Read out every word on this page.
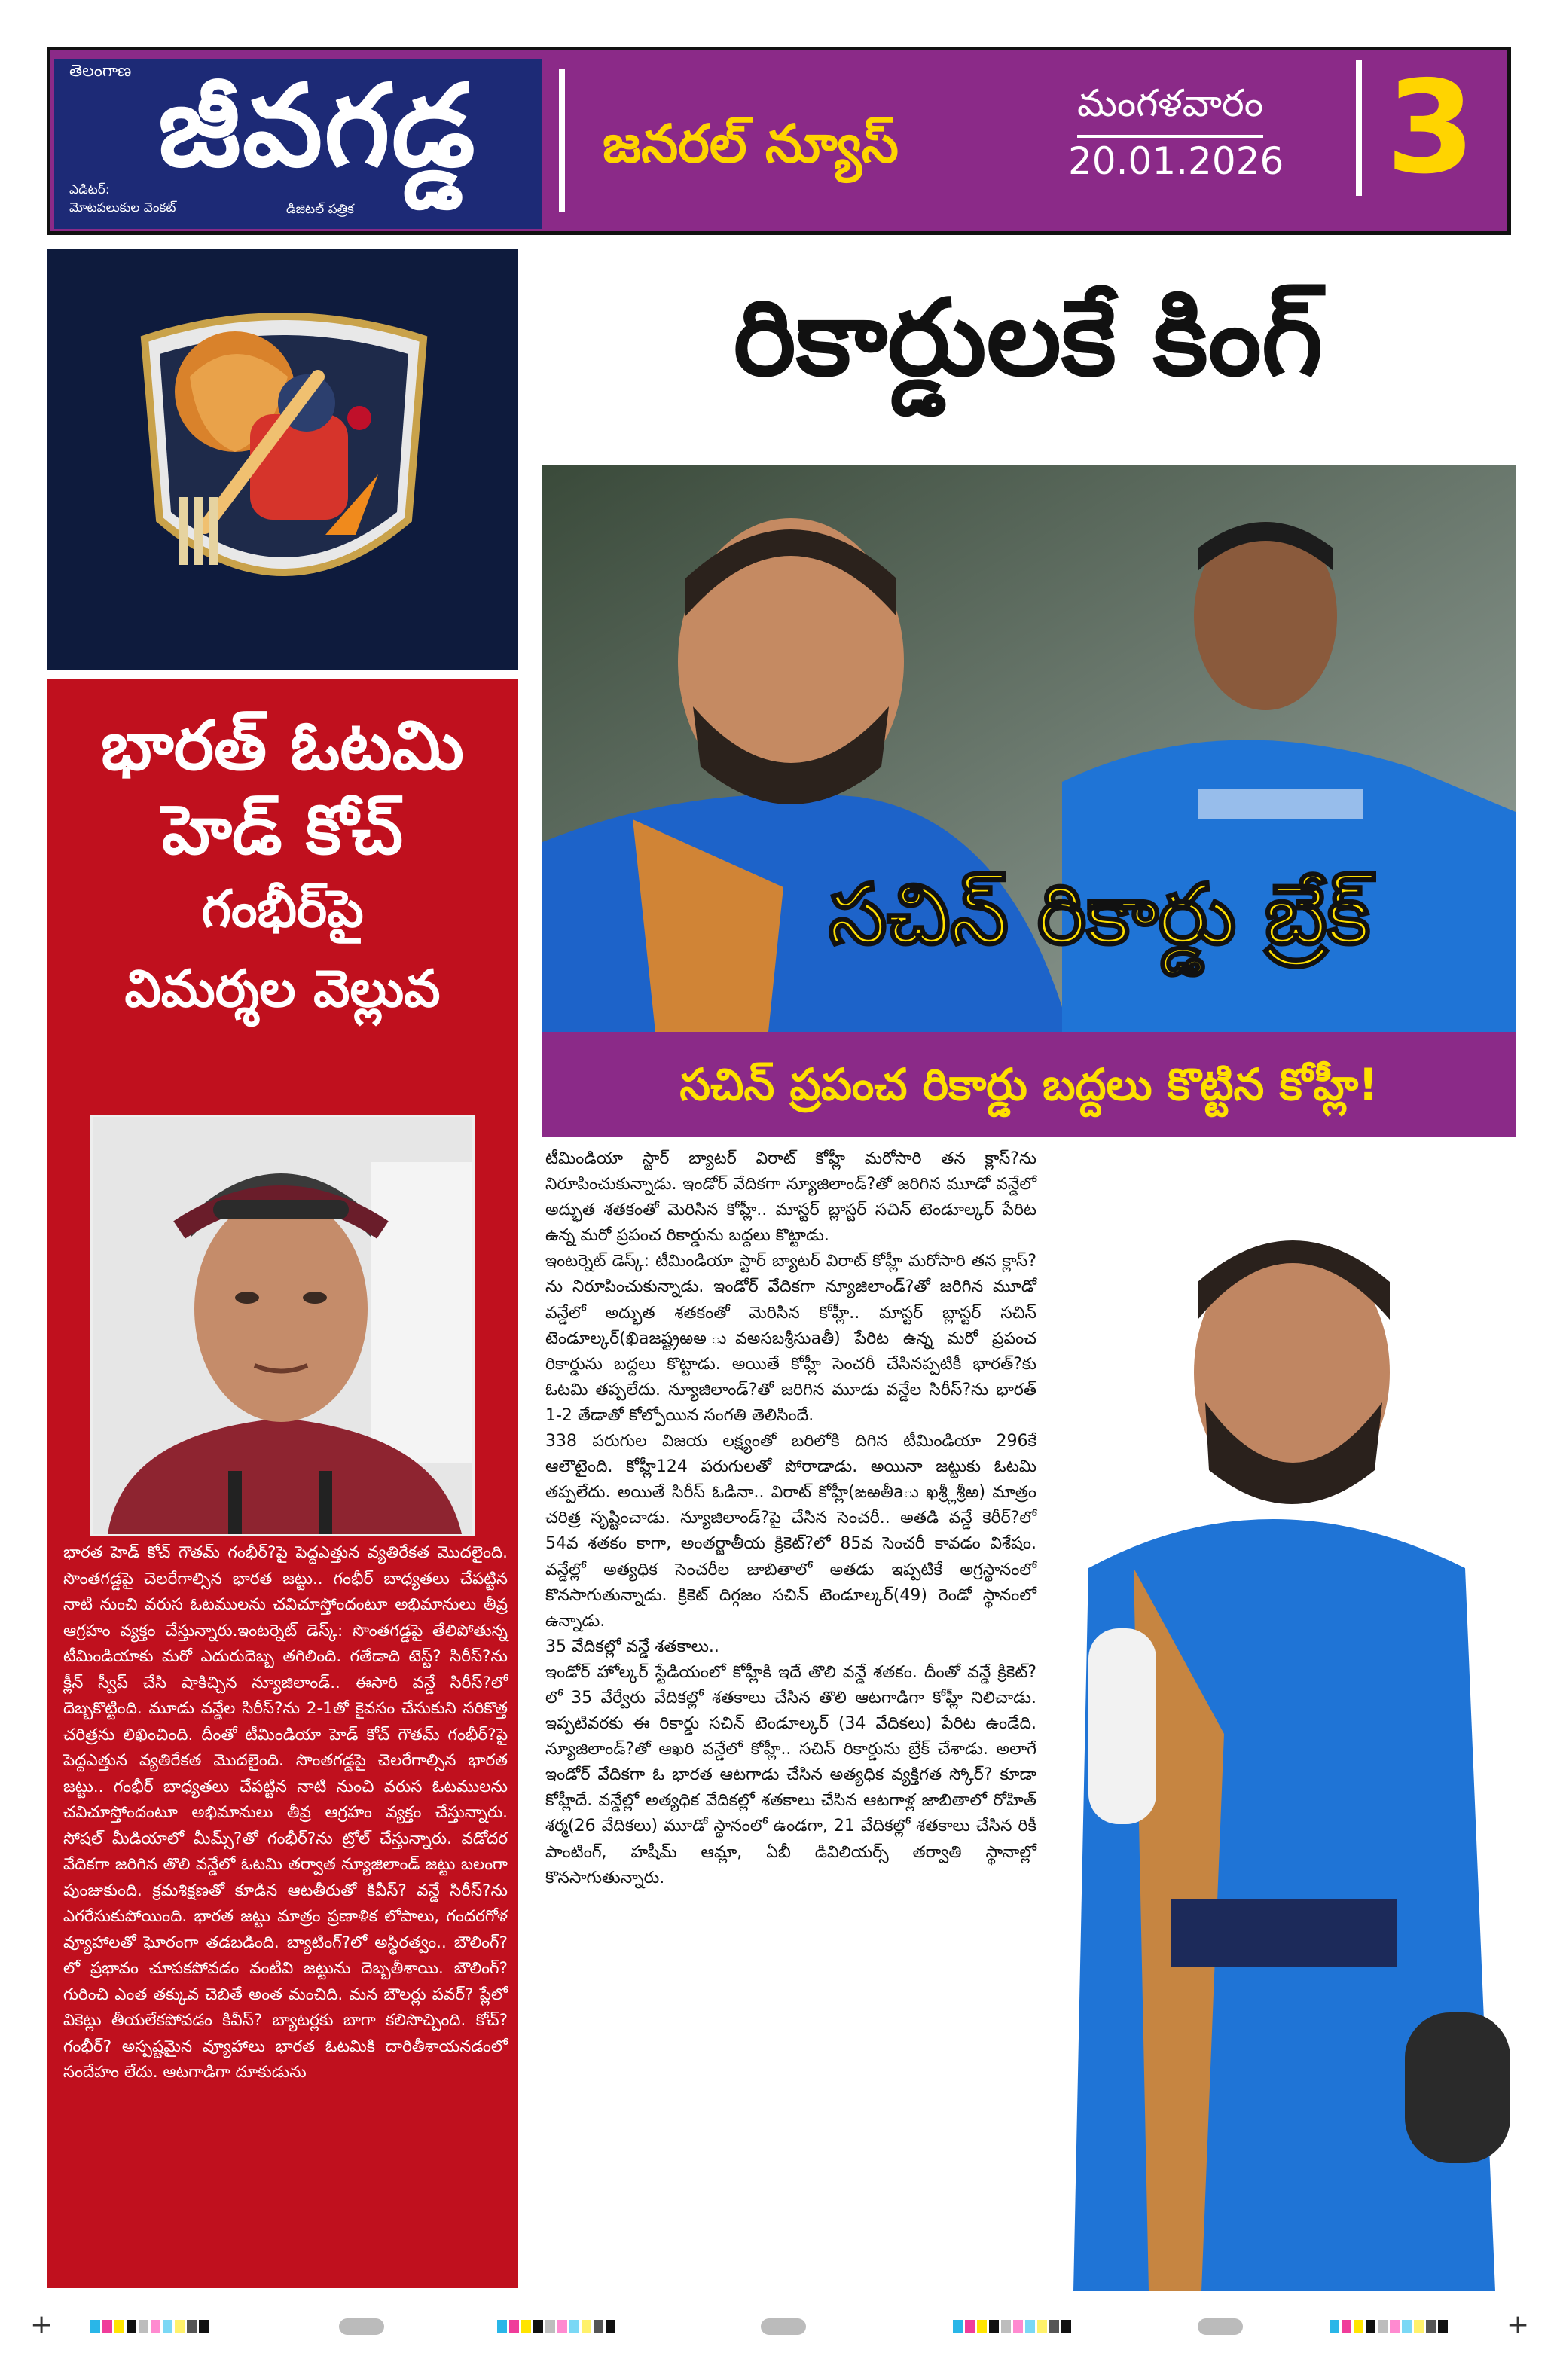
తెలంగాణ జీవగడ్డ
ఎడిటర్:
మోటపలుకుల వెంకట్	డిజిటల్ పత్రిక
జనరల్ న్యూస్
మంగళవారం
20.01.2026 3
భారత్ ఓటమి
హెడ్ కోచ్
గంభీర్‌పై
విమర్శల వెల్లువ
భారత హెడ్ కోచ్ గౌతమ్ గంభీర్?పై పెద్దఎత్తున వ్యతిరేకత మొదలైంది. సొంతగడ్డపై చెలరేగాల్సిన భారత జట్టు.. గంభీర్ బాధ్యతలు చేపట్టిన నాటి నుంచి వరుస ఓటములను చవిచూస్తోందంటూ అభిమానులు తీవ్ర ఆగ్రహం వ్యక్తం చేస్తున్నారు.ఇంటర్నెట్ డెస్క్: సొంతగడ్డపై తేలిపోతున్న టీమిండియాకు మరో ఎదురుదెబ్బ తగిలింది. గతేడాది టెస్ట్? సిరీస్?ను క్లీన్ స్వీప్ చేసి షాకిచ్చిన న్యూజిలాండ్.. ఈసారి వన్డే సిరీస్?లో దెబ్బకొట్టింది. మూడు వన్డేల సిరీస్?ను 2-1తో కైవసం చేసుకుని సరికొత్త చరిత్రను లిఖించింది. దీంతో టీమిండియా హెడ్ కోచ్ గౌతమ్ గంభీర్?పై పెద్దఎత్తున వ్యతిరేకత మొదలైంది. సొంతగడ్డపై చెలరేగాల్సిన భారత జట్టు.. గంభీర్ బాధ్యతలు చేపట్టిన నాటి నుంచి వరుస ఓటములను చవిచూస్తోందంటూ అభిమానులు తీవ్ర ఆగ్రహం వ్యక్తం చేస్తున్నారు. సోషల్ మీడియాలో మీమ్స్?తో గంభీర్?ను ట్రోల్ చేస్తున్నారు. వడోదర వేదికగా జరిగిన తొలి వన్డేలో ఓటమి తర్వాత న్యూజిలాండ్ జట్టు బలంగా పుంజుకుంది. క్రమశిక్షణతో కూడిన ఆటతీరుతో కివీస్? వన్డే సిరీస్?ను ఎగరేసుకుపోయింది. భారత జట్టు మాత్రం ప్రణాళిక లోపాలు, గందరగోళ వ్యూహాలతో ఘోరంగా తడబడింది. బ్యాటింగ్?లో అస్థిరత్వం.. బౌలింగ్?లో ప్రభావం చూపకపోవడం వంటివి జట్టును దెబ్బతీశాయి. బౌలింగ్? గురించి ఎంత తక్కువ చెబితే అంత మంచిది. మన బౌలర్లు పవర్? ప్లేలో వికెట్లు తీయలేకపోవడం కివీస్? బ్యాటర్లకు బాగా కలిసొచ్చింది. కోచ్? గంభీర్? అస్పష్టమైన వ్యూహాలు భారత ఓటమికి దారితీశాయనడంలో సందేహం లేదు. ఆటగాడిగా దూకుడును
రికార్డులకే కింగ్
సచిన్ రికార్డు బ్రేక్
సచిన్ ప్రపంచ రికార్డు బద్దలు కొట్టిన కోహ్లీ!
టీమిండియా స్టార్ బ్యాటర్ విరాట్ కోహ్లీ మరోసారి తన క్లాస్?ను నిరూపించుకున్నాడు. ఇండోర్ వేదికగా న్యూజిలాండ్?తో జరిగిన మూడో వన్డేలో అద్భుత శతకంతో మెరిసిన కోహ్లీ.. మాస్టర్ బ్లాస్టర్ సచిన్ టెండూల్కర్ పేరిట ఉన్న మరో ప్రపంచ రికార్డును బద్దలు కొట్టాడు.
ఇంటర్నెట్ డెస్క్: టీమిండియా స్టార్ బ్యాటర్ విరాట్ కోహ్లీ మరోసారి తన క్లాస్?ను నిరూపించుకున్నాడు. ఇండోర్ వేదికగా న్యూజిలాండ్?తో జరిగిన మూడో వన్డేలో అద్భుత శతకంతో మెరిసిన కోహ్లీ.. మాస్టర్ బ్లాస్టర్ సచిన్ టెండూల్కర్(ఖిaజష్ట్రఱఅ ువఅసబశ్రీసుaతీ) పేరిట ఉన్న మరో ప్రపంచ రికార్డును బద్దలు కొట్టాడు. అయితే కోహ్లీ సెంచరీ చేసినప్పటికీ భారత్?కు ఓటమి తప్పలేదు. న్యూజిలాండ్?తో జరిగిన మూడు వన్డేల సిరీస్?ను భారత్ 1-2 తేడాతో కోల్పోయిన సంగతి తెలిసిందే.
338 పరుగుల విజయ లక్ష్యంతో బరిలోకి దిగిన టీమిండియా 296కే ఆలౌటైంది. కోహ్లీ124 పరుగులతో పోరాడాడు. అయినా జట్టుకు ఓటమి తప్పలేదు. అయితే సిరీస్ ఓడినా.. విరాట్ కోహ్లీ(ఙఱతీaు ఖశ్ర్లీశ్రీఱ) మాత్రం చరిత్ర సృష్టించాడు. న్యూజిలాండ్?పై చేసిన సెంచరీ.. అతడి వన్డే కెరీర్?లో 54వ శతకం కాగా, అంతర్జాతీయ క్రికెట్?లో 85వ సెంచరీ కావడం విశేషం. వన్డేల్లో అత్యధిక సెంచరీల జాబితాలో అతడు ఇప్పటికే అగ్రస్థానంలో కొనసాగుతున్నాడు. క్రికెట్ దిగ్గజం సచిన్ టెండూల్కర్(49) రెండో స్థానంలో ఉన్నాడు.
35 వేదికల్లో వన్డే శతకాలు..
ఇండోర్ హోల్కర్ స్టేడియంలో కోహ్లీకి ఇదే తొలి వన్డే శతకం. దీంతో వన్డే క్రికెట్?లో 35 వేర్వేరు వేదికల్లో శతకాలు చేసిన తొలి ఆటగాడిగా కోహ్లీ నిలిచాడు. ఇప్పటివరకు ఈ రికార్డు సచిన్ టెండూల్కర్ (34 వేదికలు) పేరిట ఉండేది. న్యూజిలాండ్?తో ఆఖరి వన్డేలో కోహ్లీ.. సచిన్ రికార్డును బ్రేక్ చేశాడు. అలాగే ఇండోర్ వేదికగా ఓ భారత ఆటగాడు చేసిన అత్యధిక వ్యక్తిగత స్కోర్? కూడా కోహ్లీదే. వన్డేల్లో అత్యధిక వేదికల్లో శతకాలు చేసిన ఆటగాళ్ల జాబితాలో రోహిత్ శర్మ(26 వేదికలు) మూడో స్థానంలో ఉండగా, 21 వేదికల్లో శతకాలు చేసిన రికీ పాంటింగ్, హషీమ్ ఆమ్లా, ఏబీ డివిలియర్స్ తర్వాతి స్థానాల్లో కొనసాగుతున్నారు.
+	+
